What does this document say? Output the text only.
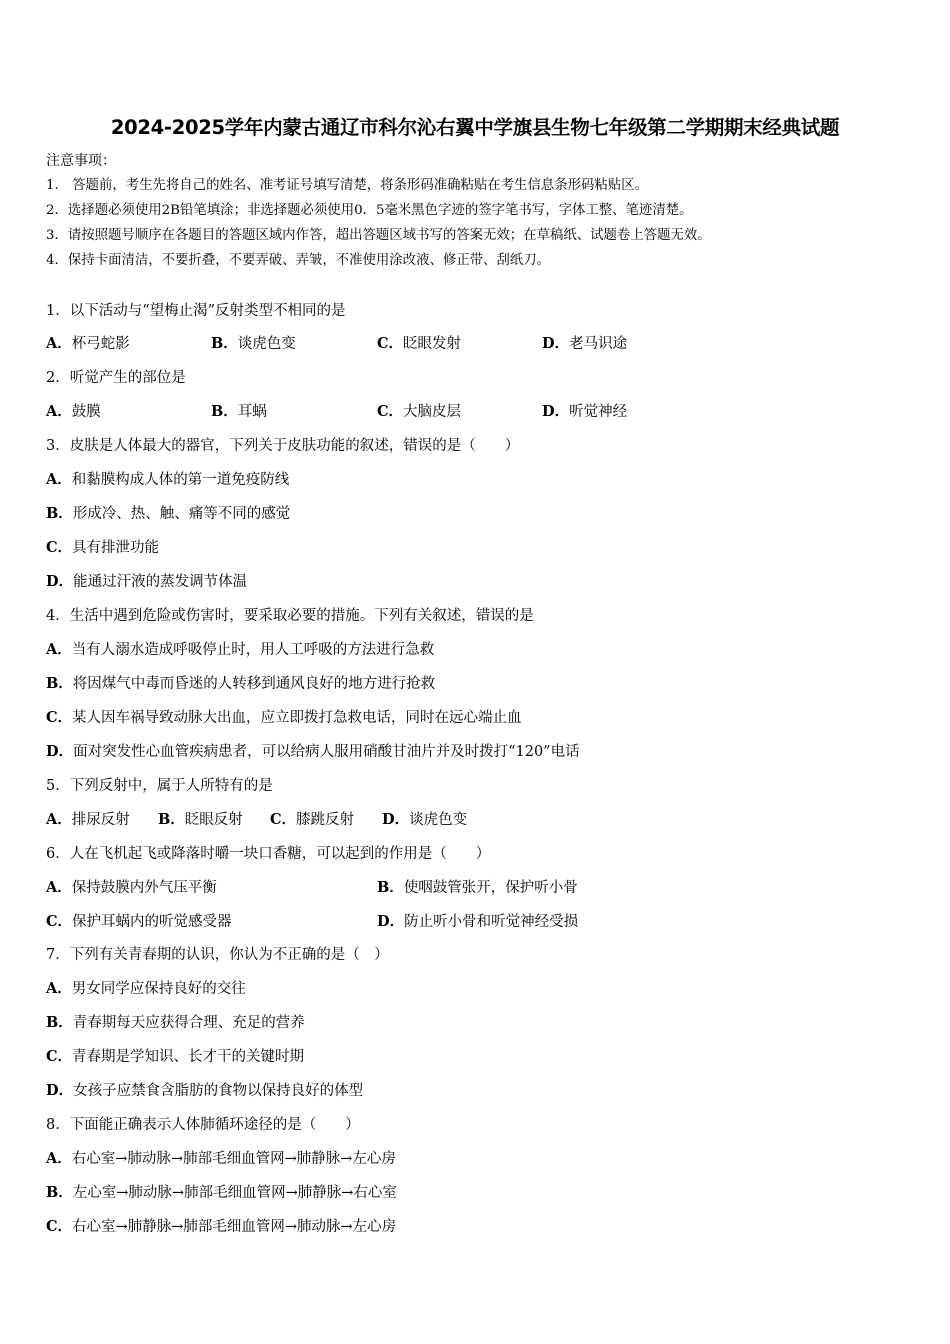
2024-2025学年内蒙古通辽市科尔沁右翼中学旗县生物七年级第二学期期末经典试题
注意事项：
1． 答题前，考生先将自己的姓名、准考证号填写清楚，将条形码准确粘贴在考生信息条形码粘贴区。
2．选择题必须使用2B铅笔填涂；非选择题必须使用0．5毫米黑色字迹的签字笔书写，字体工整、笔迹清楚。
3．请按照题号顺序在各题目的答题区域内作答，超出答题区域书写的答案无效；在草稿纸、试题卷上答题无效。
4．保持卡面清洁，不要折叠，不要弄破、弄皱，不准使用涂改液、修正带、刮纸刀。
1．以下活动与“望梅止渴”反射类型不相同的是
A．杯弓蛇影	B．谈虎色变	C．眨眼发射	D．老马识途
2．听觉产生的部位是
A．鼓膜	B．耳蜗	C．大脑皮层	D．听觉神经
3．皮肤是人体最大的器官，下列关于皮肤功能的叙述，错误的是（　　）
A．和黏膜构成人体的第一道免疫防线
B．形成冷、热、触、痛等不同的感觉
C．具有排泄功能
D．能通过汗液的蒸发调节体温
4．生活中遇到危险或伤害时，要采取必要的措施。下列有关叙述，错误的是
A．当有人溺水造成呼吸停止时，用人工呼吸的方法进行急救
B．将因煤气中毒而昏迷的人转移到通风良好的地方进行抢救
C．某人因车祸导致动脉大出血，应立即拨打急救电话，同时在远心端止血
D．面对突发性心血管疾病患者，可以给病人服用硝酸甘油片并及时拨打“120”电话
5．下列反射中，属于人所特有的是
A．排尿反射 B．眨眼反射 C．膝跳反射 D．谈虎色变
6．人在飞机起飞或降落时嚼一块口香糖，可以起到的作用是（　　）
A．保持鼓膜内外气压平衡	B．使咽鼓管张开，保护听小骨
C．保护耳蜗内的听觉感受器	D．防止听小骨和听觉神经受损
7．下列有关青春期的认识，你认为不正确的是（　）
A．男女同学应保持良好的交往
B．青春期每天应获得合理、充足的营养
C．青春期是学知识、长才干的关键时期
D．女孩子应禁食含脂肪的食物以保持良好的体型
8．下面能正确表示人体肺循环途径的是（　　）
A．右心室→肺动脉→肺部毛细血管网→肺静脉→左心房
B．左心室→肺动脉→肺部毛细血管网→肺静脉→右心室
C．右心室→肺静脉→肺部毛细血管网→肺动脉→左心房
